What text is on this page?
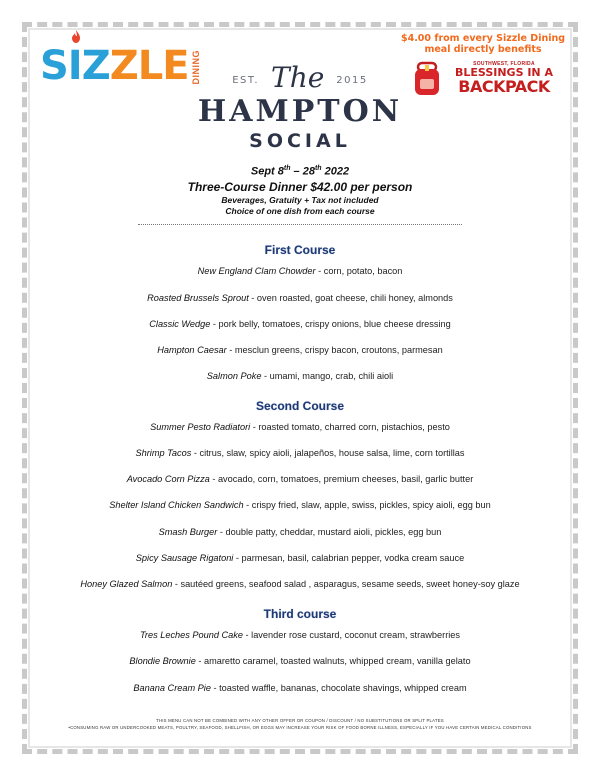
SIZZLE DINING
$4.00 from every Sizzle Dining
meal directly benefits
SOUTHWEST, FLORIDA
BLESSINGS IN A
BACKPACK
EST. The 2015
HAMPTON
SOCIAL
Sept 8th – 28th 2022
Three-Course Dinner $42.00 per person
Beverages, Gratuity + Tax not included
Choice of one dish from each course
First Course
New England Clam Chowder - corn, potato, bacon
Roasted Brussels Sprout - oven roasted, goat cheese, chili honey, almonds
Classic Wedge - pork belly, tomatoes, crispy onions, blue cheese dressing
Hampton Caesar - mesclun greens, crispy bacon, croutons, parmesan
Salmon Poke - umami, mango, crab, chili aioli
Second Course
Summer Pesto Radiatori - roasted tomato, charred corn, pistachios, pesto
Shrimp Tacos - citrus, slaw, spicy aioli, jalapeños, house salsa, lime, corn tortillas
Avocado Corn Pizza - avocado, corn, tomatoes, premium cheeses, basil, garlic butter
Shelter Island Chicken Sandwich - crispy fried, slaw, apple, swiss, pickles, spicy aioli, egg bun
Smash Burger - double patty, cheddar, mustard aioli, pickles, egg bun
Spicy Sausage Rigatoni - parmesan, basil, calabrian pepper, vodka cream sauce
Honey Glazed Salmon - sautéed greens, seafood salad , asparagus, sesame seeds, sweet honey-soy glaze
Third course
Tres Leches Pound Cake - lavender rose custard, coconut cream, strawberries
Blondie Brownie - amaretto caramel, toasted walnuts, whipped cream, vanilla gelato
Banana Cream Pie - toasted waffle, bananas, chocolate shavings, whipped cream
THIS MENU CAN NOT BE COMBINED WITH ANY OTHER OFFER OR COUPON / DISCOUNT / NO SUBSTITUTIONS OR SPLIT PLATES
•CONSUMING RAW OR UNDERCOOKED MEATS, POULTRY, SEAFOOD, SHELLFISH, OR EGGS MAY INCREASE YOUR RISK OF FOOD BORNE ILLNESS, ESPECIALLY IF YOU HAVE CERTAIN MEDICAL CONDITIONS
